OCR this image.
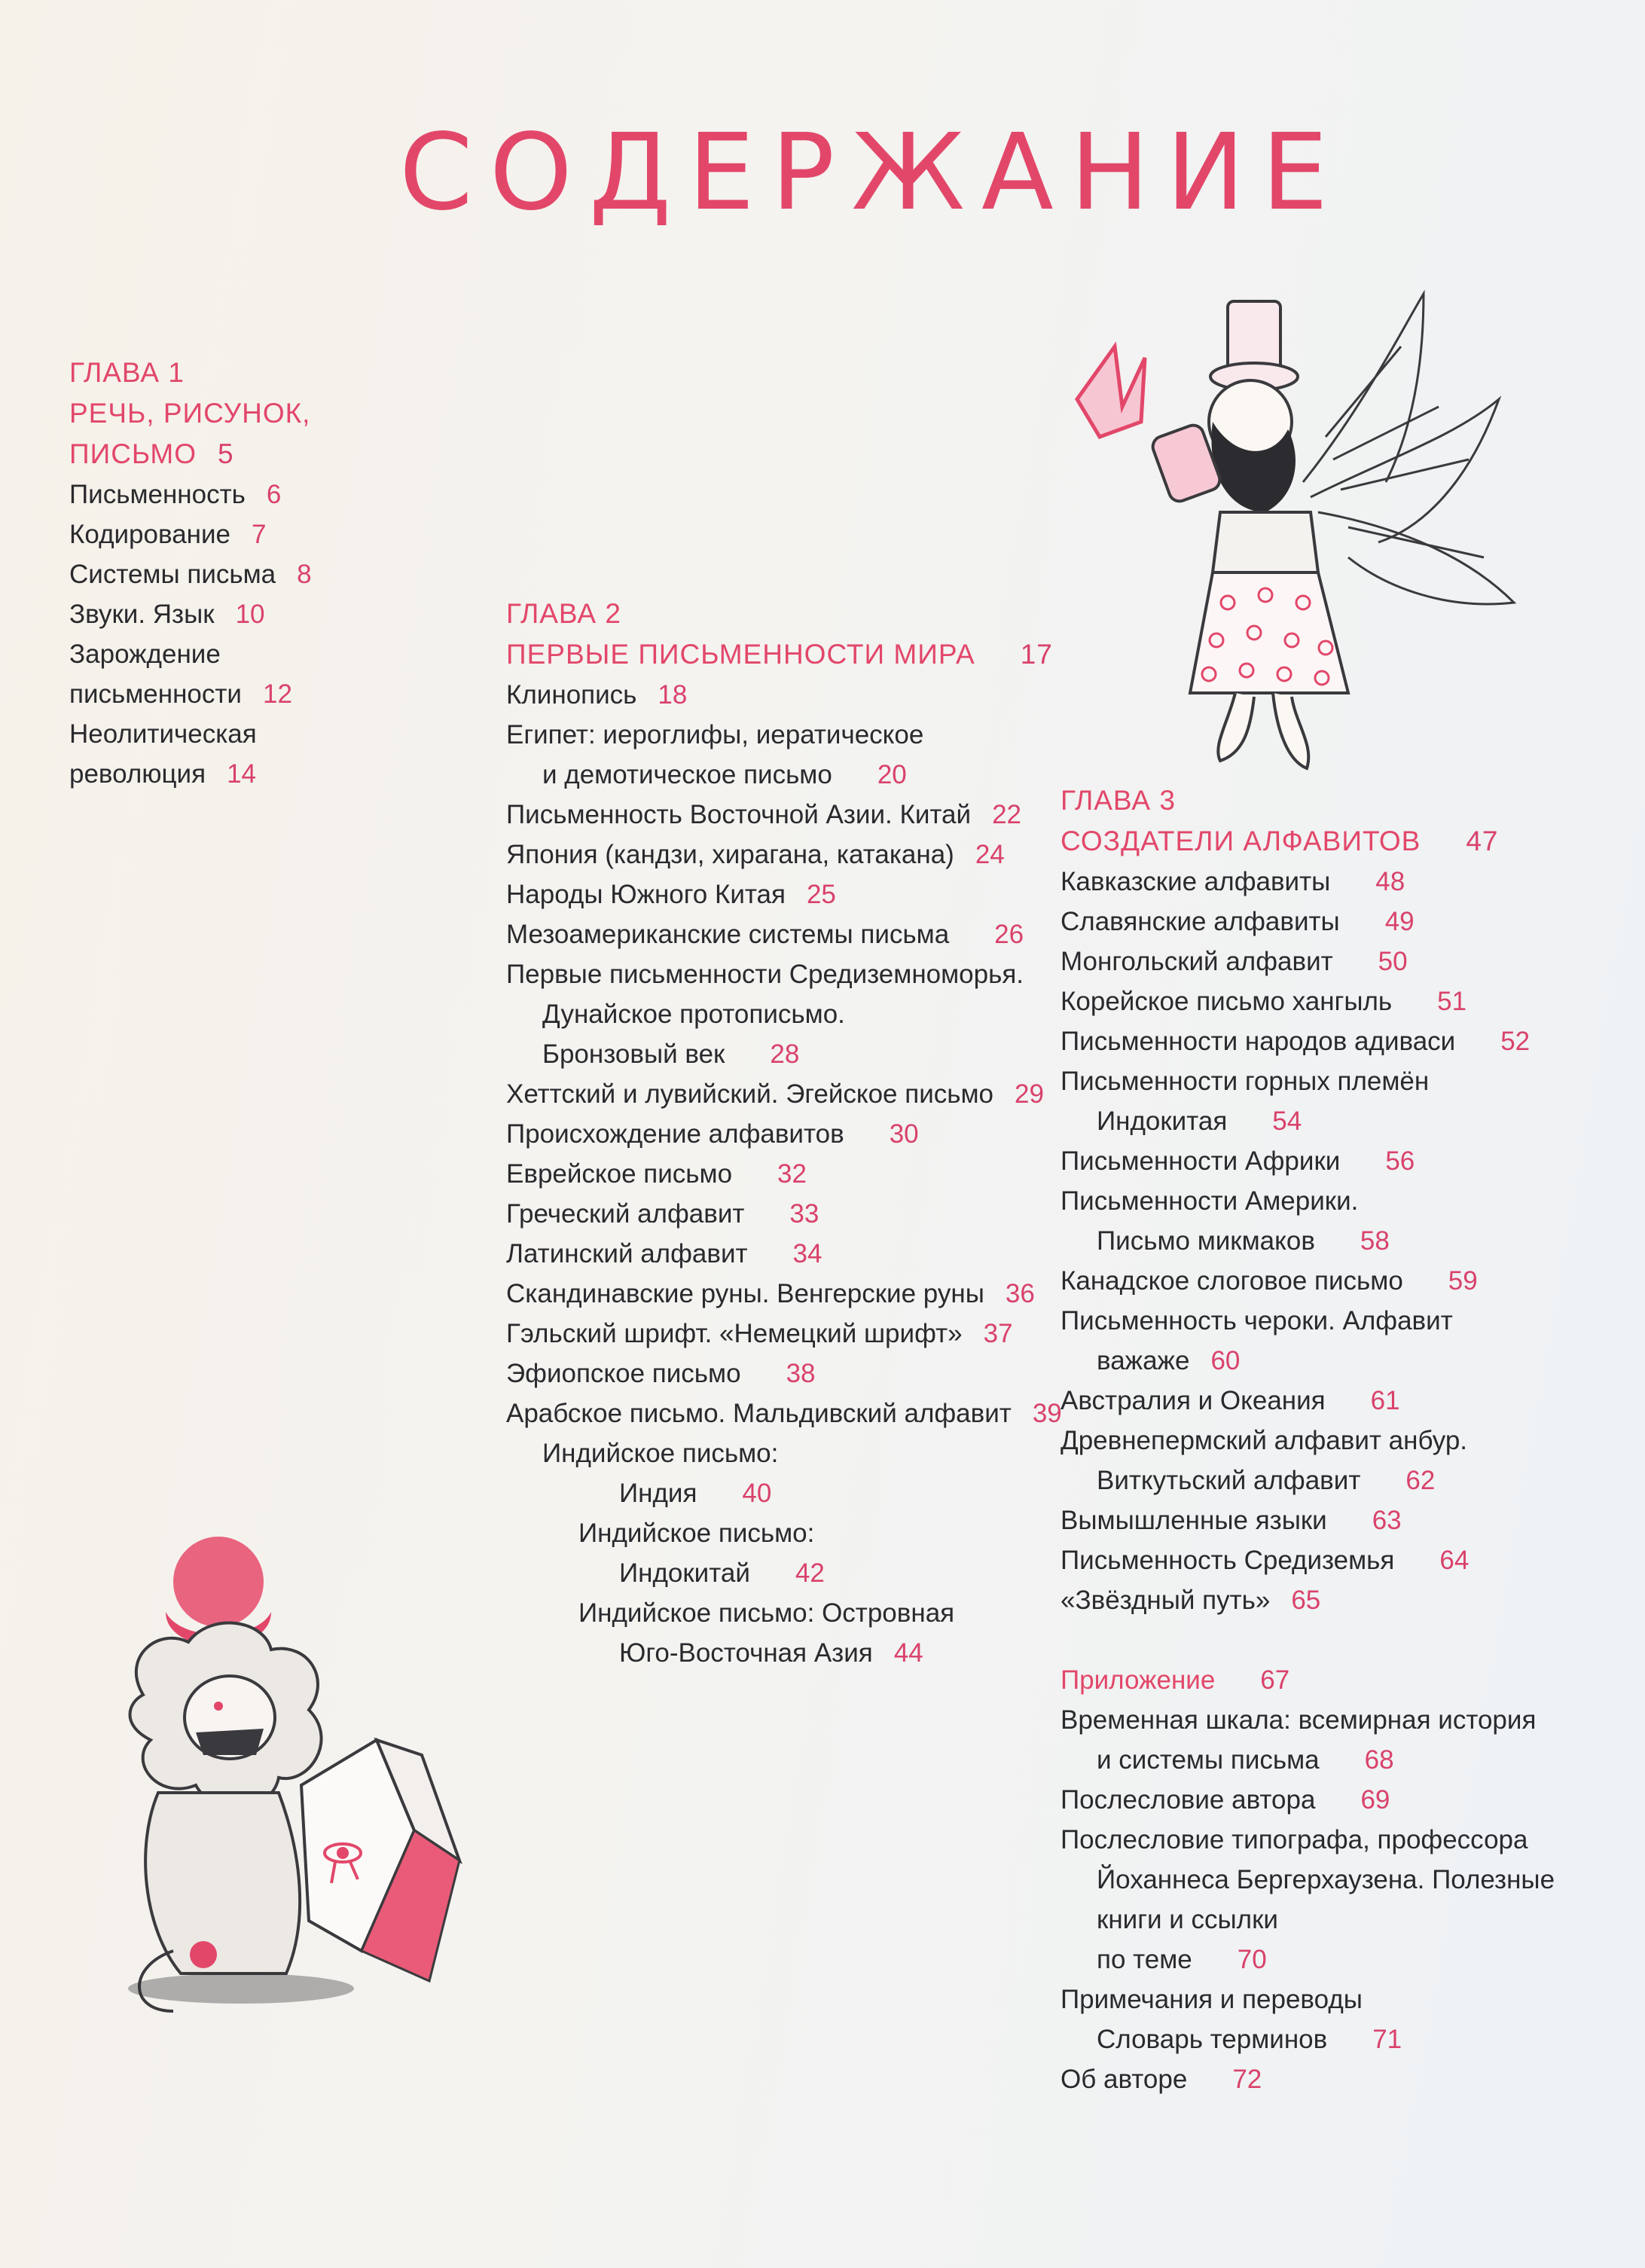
СОДЕРЖАНИЕ
ГЛАВА 1
РЕЧЬ, РИСУНОК,
ПИСЬМО 5
Письменность 6
Кодирование 7
Системы письма 8
Звуки. Язык 10
Зарождение
письменности 12
Неолитическая
революция 14
ГЛАВА 2
ПЕРВЫЕ ПИСЬМЕННОСТИ МИРА 17
Клинопись 18
Египет: иероглифы, иератическое
и демотическое письмо 20
Письменность Восточной Азии. Китай 22
Япония (кандзи, хирагана, катакана) 24
Народы Южного Китая 25
Мезоамериканские системы письма 26
Первые письменности Средиземноморья.
Дунайское протописьмо.
Бронзовый век 28
Хеттский и лувийский. Эгейское письмо 29
Происхождение алфавитов 30
Еврейское письмо 32
Греческий алфавит 33
Латинский алфавит 34
Скандинавские руны. Венгерские руны 36
Гэльский шрифт. «Немецкий шрифт» 37
Эфиопское письмо 38
Арабское письмо. Мальдивский алфавит 39
Индийское письмо:
Индия 40
Индийское письмо:
Индокитай 42
Индийское письмо: Островная
Юго-Восточная Азия 44
ГЛАВА 3
СОЗДАТЕЛИ АЛФАВИТОВ 47
Кавказские алфавиты 48
Славянские алфавиты 49
Монгольский алфавит 50
Корейское письмо хангыль 51
Письменности народов адиваси 52
Письменности горных племён
Индокитая 54
Письменности Африки 56
Письменности Америки.
Письмо микмаков 58
Канадское слоговое письмо 59
Письменность чероки. Алфавит
важаже 60
Австралия и Океания 61
Древнепермский алфавит анбур.
Виткутьский алфавит 62
Вымышленные языки 63
Письменность Средиземья 64
«Звёздный путь» 65
Приложение 67
Временная шкала: всемирная история
и системы письма 68
Послесловие автора 69
Послесловие типографа, профессора
Йоханнеса Бергерхаузена. Полезные
книги и ссылки
по теме 70
Примечания и переводы
Словарь терминов 71
Об авторе 72
